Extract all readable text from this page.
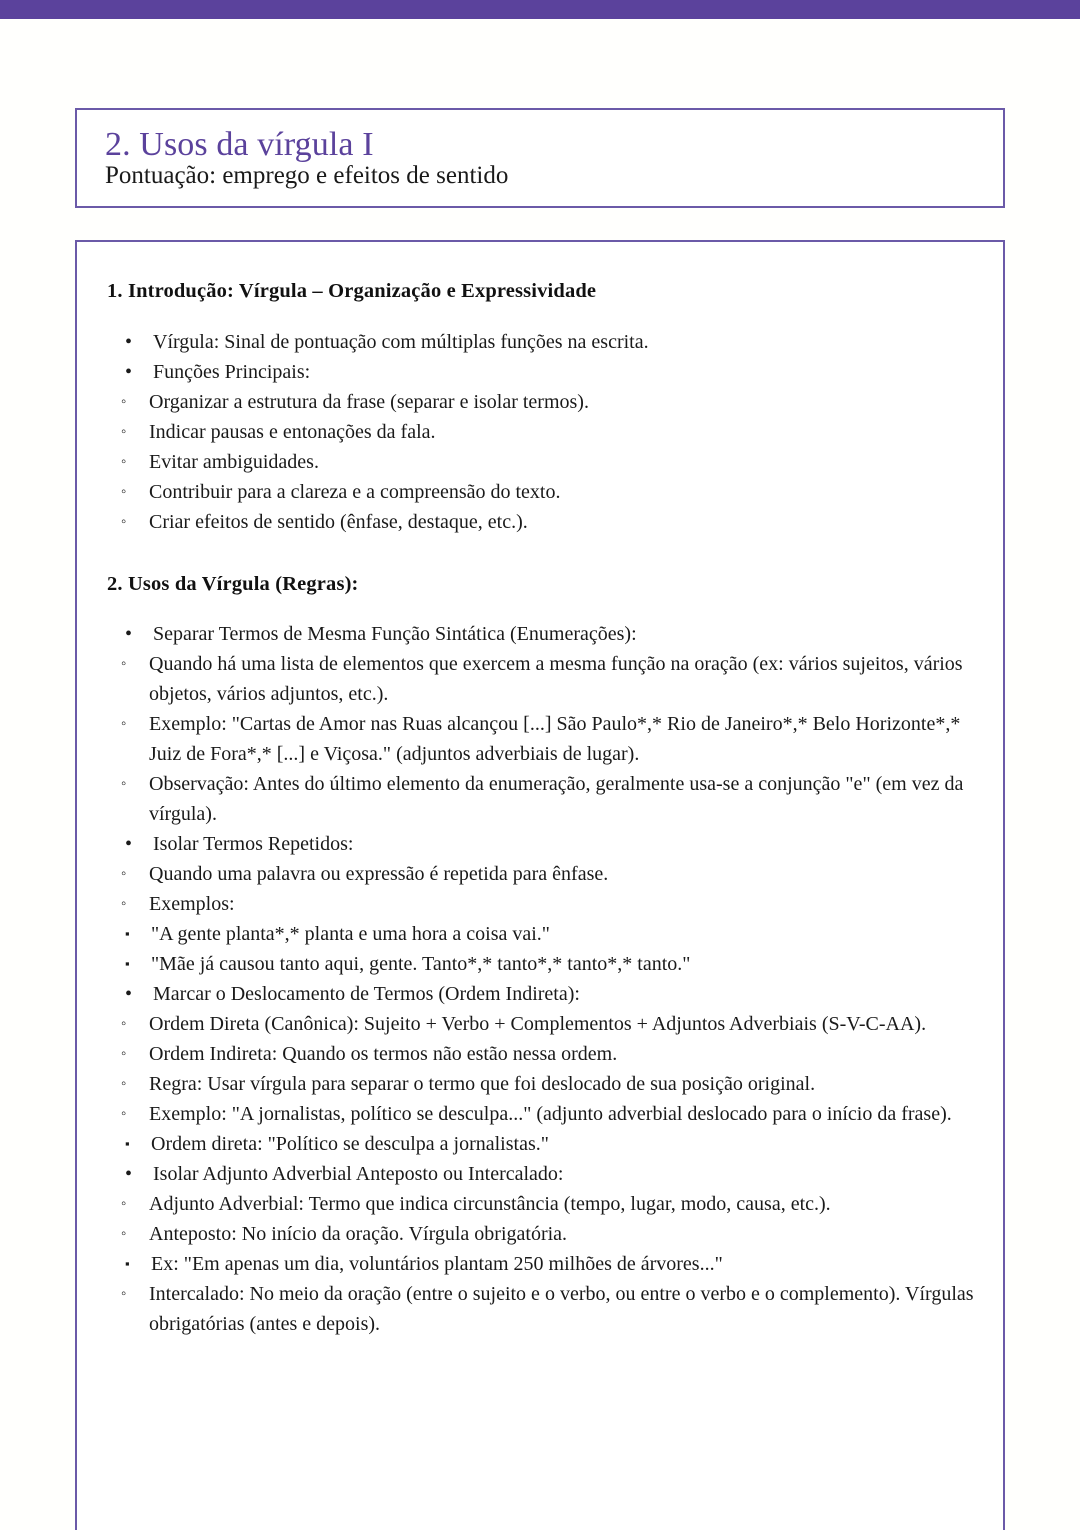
2. Usos da vírgula I
Pontuação: emprego e efeitos de sentido
1. Introdução: Vírgula – Organização e Expressividade
• Vírgula: Sinal de pontuação com múltiplas funções na escrita.
• Funções Principais:
◦ Organizar a estrutura da frase (separar e isolar termos).
◦ Indicar pausas e entonações da fala.
◦ Evitar ambiguidades.
◦ Contribuir para a clareza e a compreensão do texto.
◦ Criar efeitos de sentido (ênfase, destaque, etc.).
2. Usos da Vírgula (Regras):
• Separar Termos de Mesma Função Sintática (Enumerações):
◦ Quando há uma lista de elementos que exercem a mesma função na oração (ex: vários sujeitos, vários objetos, vários adjuntos, etc.).
◦ Exemplo: "Cartas de Amor nas Ruas alcançou [...] São Paulo*,* Rio de Janeiro*,* Belo Horizonte*,* Juiz de Fora*,* [...] e Viçosa." (adjuntos adverbiais de lugar).
◦ Observação: Antes do último elemento da enumeração, geralmente usa-se a conjunção "e" (em vez da vírgula).
• Isolar Termos Repetidos:
◦ Quando uma palavra ou expressão é repetida para ênfase.
◦ Exemplos:
▪ "A gente planta*,* planta e uma hora a coisa vai."
▪ "Mãe já causou tanto aqui, gente. Tanto*,* tanto*,* tanto*,* tanto."
• Marcar o Deslocamento de Termos (Ordem Indireta):
◦ Ordem Direta (Canônica): Sujeito + Verbo + Complementos + Adjuntos Adverbiais (S-V-C-AA).
◦ Ordem Indireta: Quando os termos não estão nessa ordem.
◦ Regra: Usar vírgula para separar o termo que foi deslocado de sua posição original.
◦ Exemplo: "A jornalistas, político se desculpa..." (adjunto adverbial deslocado para o início da frase).
▪ Ordem direta: "Político se desculpa a jornalistas."
• Isolar Adjunto Adverbial Anteposto ou Intercalado:
◦ Adjunto Adverbial: Termo que indica circunstância (tempo, lugar, modo, causa, etc.).
◦ Anteposto: No início da oração. Vírgula obrigatória.
▪ Ex: "Em apenas um dia, voluntários plantam 250 milhões de árvores..."
◦ Intercalado: No meio da oração (entre o sujeito e o verbo, ou entre o verbo e o complemento). Vírgulas obrigatórias (antes e depois).
